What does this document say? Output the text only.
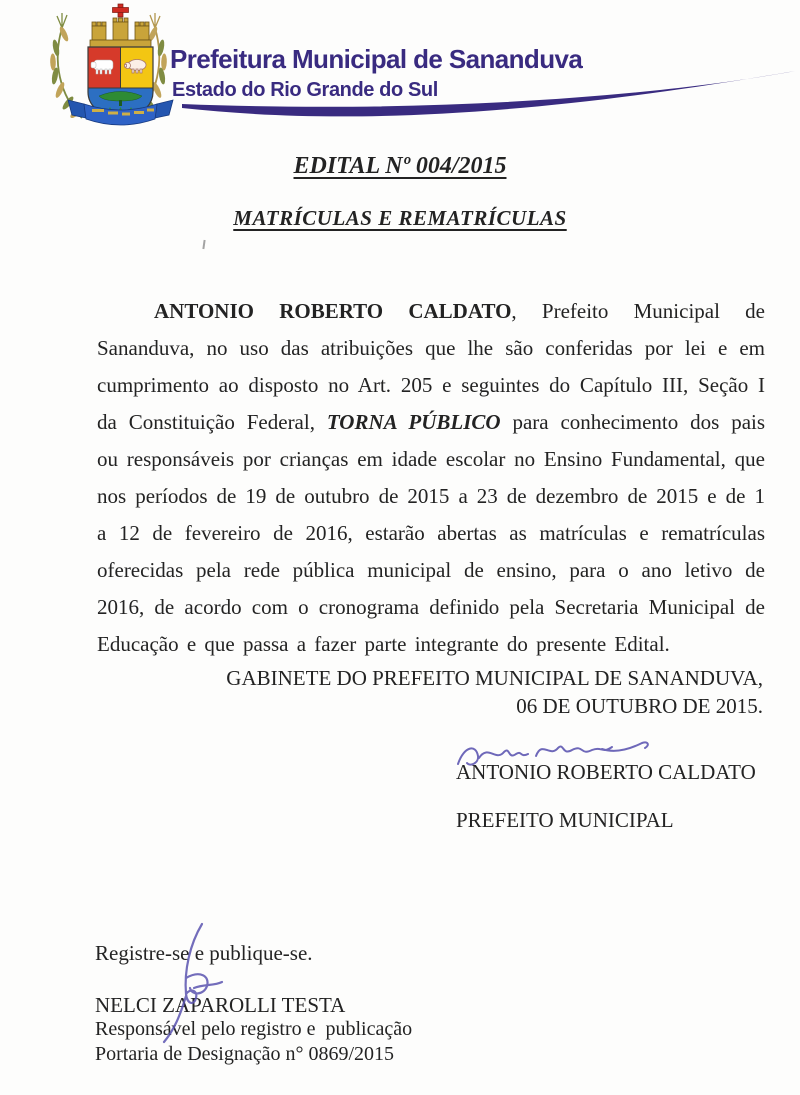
Prefeitura Municipal de Sananduva
Estado do Rio Grande do Sul
EDITAL Nº 004/2015
MATRÍCULAS E REMATRÍCULAS

ANTONIO ROBERTO CALDATO, Prefeito Municipal de Sananduva, no uso das atribuições que lhe são conferidas por lei e em cumprimento ao disposto no Art. 205 e seguintes do Capítulo III, Seção I da Constituição Federal, TORNA PÚBLICO para conhecimento dos pais ou responsáveis por crianças em idade escolar no Ensino Fundamental, que nos períodos de 19 de outubro de 2015 a 23 de dezembro de 2015 e de 1 a 12 de fevereiro de 2016, estarão abertas as matrículas e rematrículas oferecidas pela rede pública municipal de ensino, para o ano letivo de 2016, de acordo com o cronograma definido pela Secretaria Municipal de Educação e que passa a fazer parte integrante do presente Edital.

GABINETE DO PREFEITO MUNICIPAL DE SANANDUVA,
06 DE OUTUBRO DE 2015.
ANTONIO ROBERTO CALDATO
PREFEITO MUNICIPAL
Registre-se e publique-se.
NELCI ZAPAROLLI TESTA
Responsável pelo registro e  publicação
Portaria de Designação n° 0869/2015
